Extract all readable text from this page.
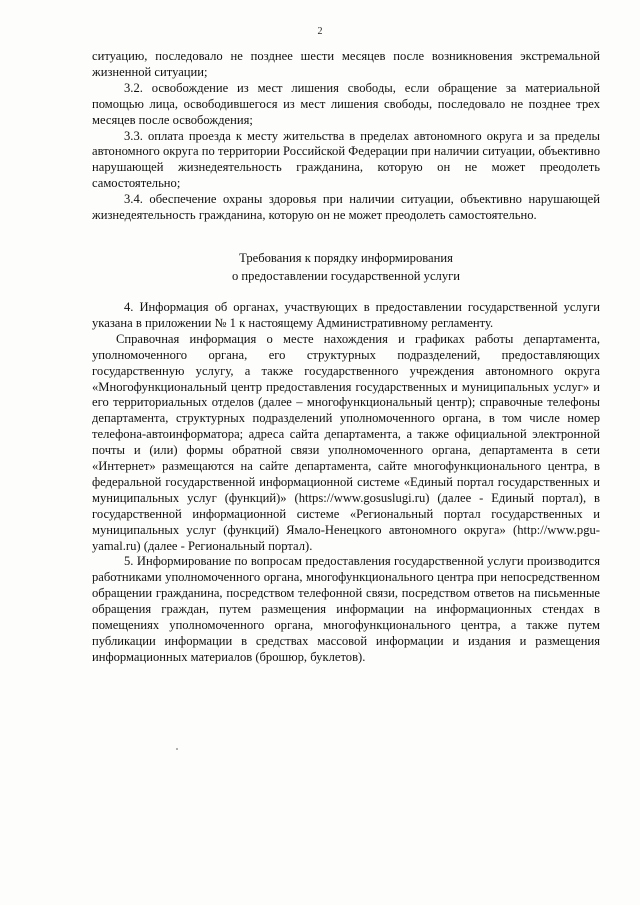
2

ситуацию, последовало не позднее шести месяцев после возникновения экстремальной жизненной ситуации;

3.2. освобождение из мест лишения свободы, если обращение за материальной помощью лица, освободившегося из мест лишения свободы, последовало не позднее трех месяцев после освобождения;

3.3. оплата проезда к месту жительства в пределах автономного округа и за пределы автономного округа по территории Российской Федерации при наличии ситуации, объективно нарушающей жизнедеятельность гражданина, которую он не может преодолеть самостоятельно;

3.4. обеспечение охраны здоровья при наличии ситуации, объективно нарушающей жизнедеятельность гражданина, которую он не может преодолеть самостоятельно.

Требования к порядку информирования
о предоставлении государственной услуги

4. Информация об органах, участвующих в предоставлении государственной услуги указана в приложении № 1 к настоящему Административному регламенту.

Справочная информация о месте нахождения и графиках работы департамента, уполномоченного органа, его структурных подразделений, предоставляющих государственную услугу, а также государственного учреждения автономного округа «Многофункциональный центр предоставления государственных и муниципальных услуг» и его территориальных отделов (далее – многофункциональный центр); справочные телефоны департамента, структурных подразделений уполномоченного органа, в том числе номер телефона-автоинформатора; адреса сайта департамента, а также официальной электронной почты и (или) формы обратной связи уполномоченного органа, департамента в сети «Интернет» размещаются на сайте департамента, сайте многофункционального центра, в федеральной государственной информационной системе «Единый портал государственных и муниципальных услуг (функций)» (https://www.gosuslugi.ru) (далее - Единый портал), в государственной информационной системе «Региональный портал государственных и муниципальных услуг (функций) Ямало-Ненецкого автономного округа» (http://www.pgu-yamal.ru) (далее - Региональный портал).

5. Информирование по вопросам предоставления государственной услуги производится работниками уполномоченного органа, многофункционального центра при непосредственном обращении гражданина, посредством телефонной связи, посредством ответов на письменные обращения граждан, путем размещения информации на информационных стендах в помещениях уполномоченного органа, многофункционального центра, а также путем публикации информации в средствах массовой информации и издания и размещения информационных материалов (брошюр, буклетов).
